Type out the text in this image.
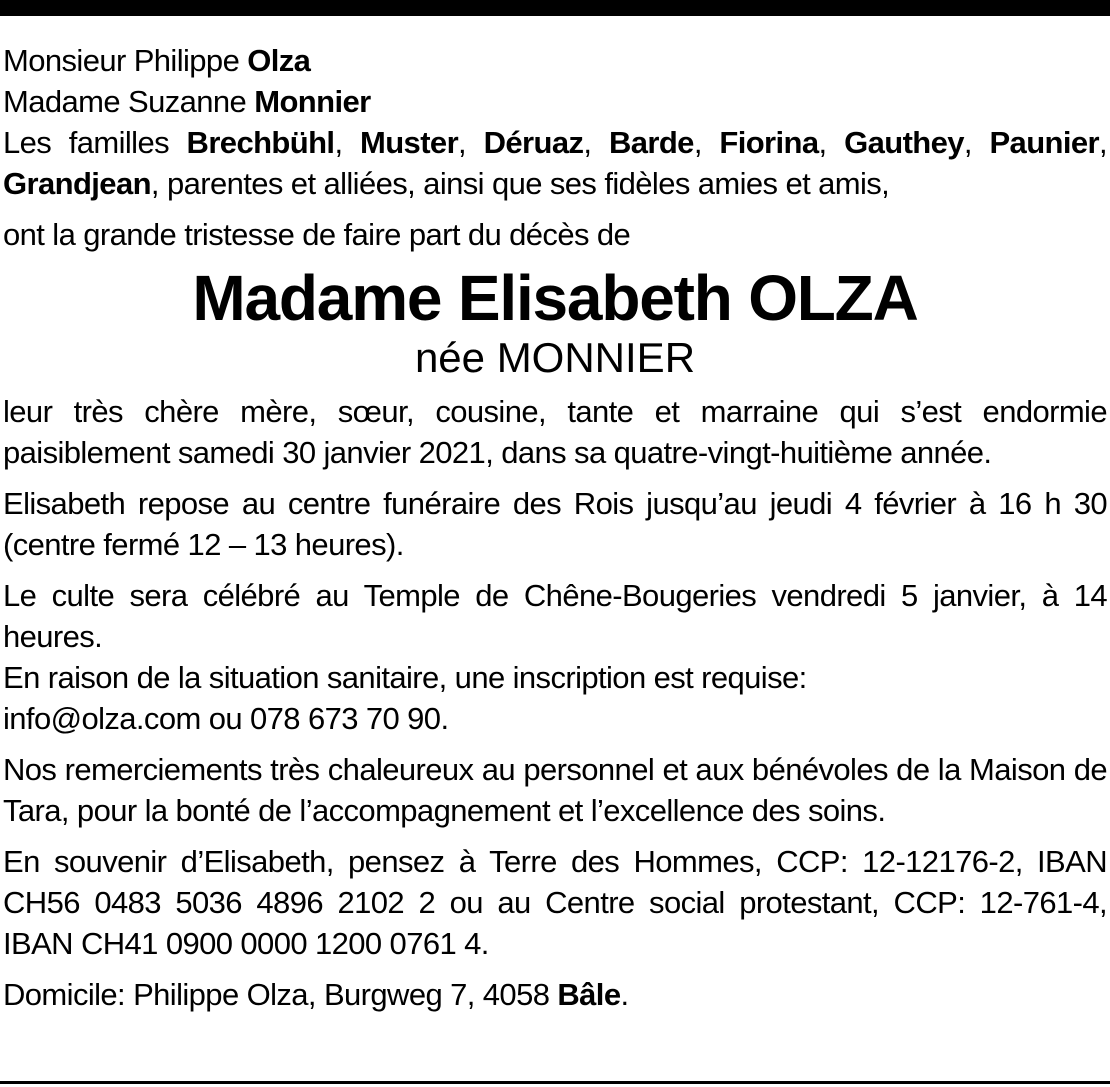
Monsieur Philippe Olza

Madame Suzanne Monnier

Les familles Brechbühl, Muster, Déruaz, Barde, Fiorina, Gauthey, Paunier, Grandjean, parentes et alliées, ainsi que ses fidèles amies et amis,

ont la grande tristesse de faire part du décès de

Madame Elisabeth OLZA

née MONNIER

leur très chère mère, sœur, cousine, tante et marraine qui s’est endormie paisiblement samedi 30 janvier 2021, dans sa quatre-vingt-huitième année.

Elisabeth repose au centre funéraire des Rois jusqu’au jeudi 4 février à 16 h 30 (centre fermé 12 – 13 heures).

Le culte sera célébré au Temple de Chêne-Bougeries vendredi 5 janvier, à 14 heures.

En raison de la situation sanitaire, une inscription est requise:

info@olza.com ou 078 673 70 90.

Nos remerciements très chaleureux au personnel et aux bénévoles de la Maison de Tara, pour la bonté de l’accompagnement et l’excellence des soins.

En souvenir d’Elisabeth, pensez à Terre des Hommes, CCP: 12-12176-2, IBAN CH56 0483 5036 4896 2102 2 ou au Centre social protestant, CCP: 12-761-4, IBAN CH41 0900 0000 1200 0761 4.

Domicile: Philippe Olza, Burgweg 7, 4058 Bâle.
